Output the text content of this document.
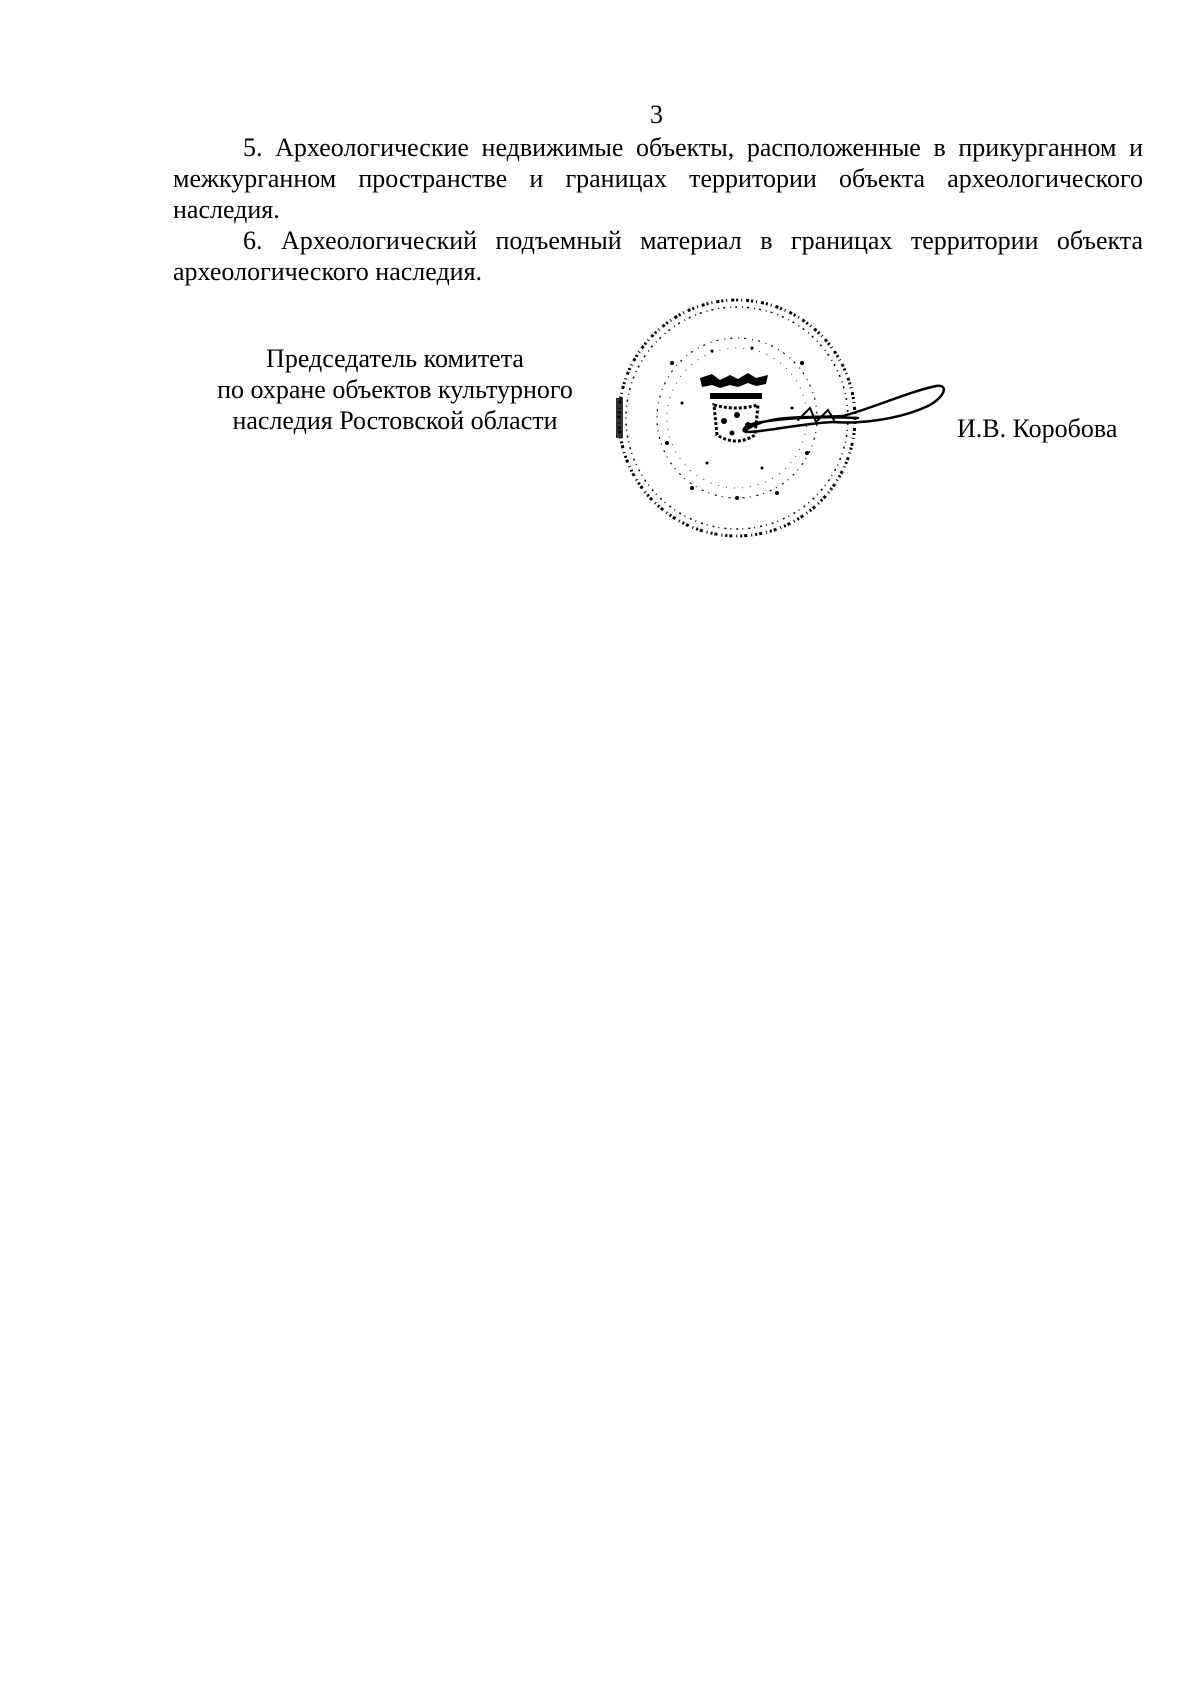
3
5. Археологические недвижимые объекты, расположенные в прикурганном и межкурганном пространстве и границах территории объекта археологического наследия.
6. Археологический подъемный материал в границах территории объекта археологического наследия.
Председатель комитета
по охране объектов культурного
наследия Ростовской области	И.В. Коробова
